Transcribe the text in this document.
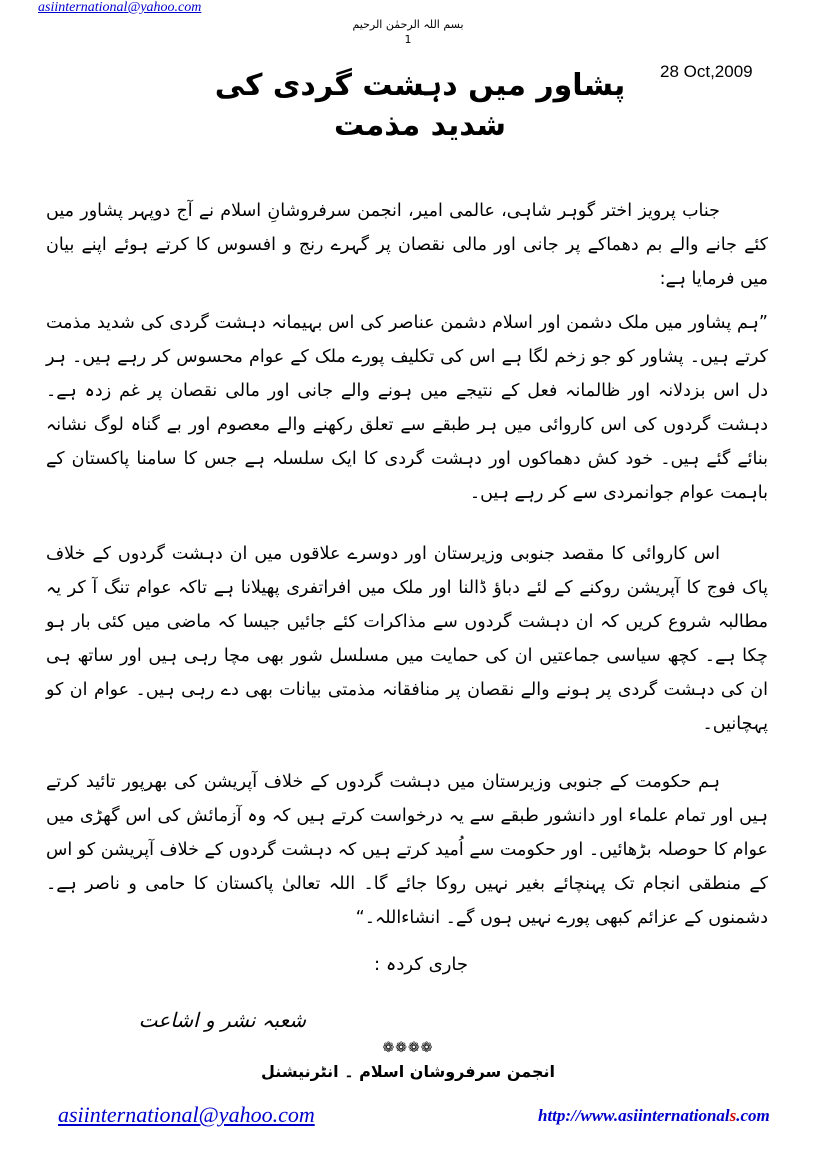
asiinternational@yahoo.com
بسم اللہ الرحمٰن الرحیم
1
28 Oct,2009
پشاور میں دہشت گردی کی شدید مذمت
جناب پرویز اختر گوہر شاہی، عالمی امیر، انجمن سرفروشانِ اسلام نے آج دوپہر پشاور میں کئے جانے والے بم دھماکے پر جانی اور مالی نقصان پر گہرے رنج و افسوس کا کرتے ہوئے اپنے بیان میں فرمایا ہے:
”ہم پشاور میں ملک دشمن اور اسلام دشمن عناصر کی اس بہیمانہ دہشت گردی کی شدید مذمت کرتے ہیں۔ پشاور کو جو زخم لگا ہے اس کی تکلیف پورے ملک کے عوام محسوس کر رہے ہیں۔ ہر دل اس بزدلانہ اور ظالمانہ فعل کے نتیجے میں ہونے والے جانی اور مالی نقصان پر غم زدہ ہے۔ دہشت گردوں کی اس کاروائی میں ہر طبقے سے تعلق رکھنے والے معصوم اور بے گناہ لوگ نشانہ بنائے گئے ہیں۔ خود کش دھماکوں اور دہشت گردی کا ایک سلسلہ ہے جس کا سامنا پاکستان کے باہمت عوام جوانمردی سے کر رہے ہیں۔
اس کاروائی کا مقصد جنوبی وزیرستان اور دوسرے علاقوں میں ان دہشت گردوں کے خلاف پاک فوج کا آپریشن روکنے کے لئے دباؤ ڈالنا اور ملک میں افراتفری پھیلانا ہے تاکہ عوام تنگ آ کر یہ مطالبہ شروع کریں کہ ان دہشت گردوں سے مذاکرات کئے جائیں جیسا کہ ماضی میں کئی بار ہو چکا ہے۔ کچھ سیاسی جماعتیں ان کی حمایت میں مسلسل شور بھی مچا رہی ہیں اور ساتھ ہی ان کی دہشت گردی پر ہونے والے نقصان پر منافقانہ مذمتی بیانات بھی دے رہی ہیں۔ عوام ان کو پہچانیں۔
ہم حکومت کے جنوبی وزیرستان میں دہشت گردوں کے خلاف آپریشن کی بھرپور تائید کرتے ہیں اور تمام علماء اور دانشور طبقے سے یہ درخواست کرتے ہیں کہ وہ آزمائش کی اس گھڑی میں عوام کا حوصلہ بڑھائیں۔ اور حکومت سے اُمید کرتے ہیں کہ دہشت گردوں کے خلاف آپریشن کو اس کے منطقی انجام تک پہنچائے بغیر نہیں روکا جائے گا۔ اللہ تعالیٰ پاکستان کا حامی و ناصر ہے۔ دشمنوں کے عزائم کبھی پورے نہیں ہوں گے۔ انشاءاللہ۔“
جاری کردہ :
شعبہ نشر و اشاعت
❁❁❁❁
انجمن سرفروشان اسلام ۔ انٹرنیشنل
asiinternational@yahoo.com	http://www.asiinternationals.com
